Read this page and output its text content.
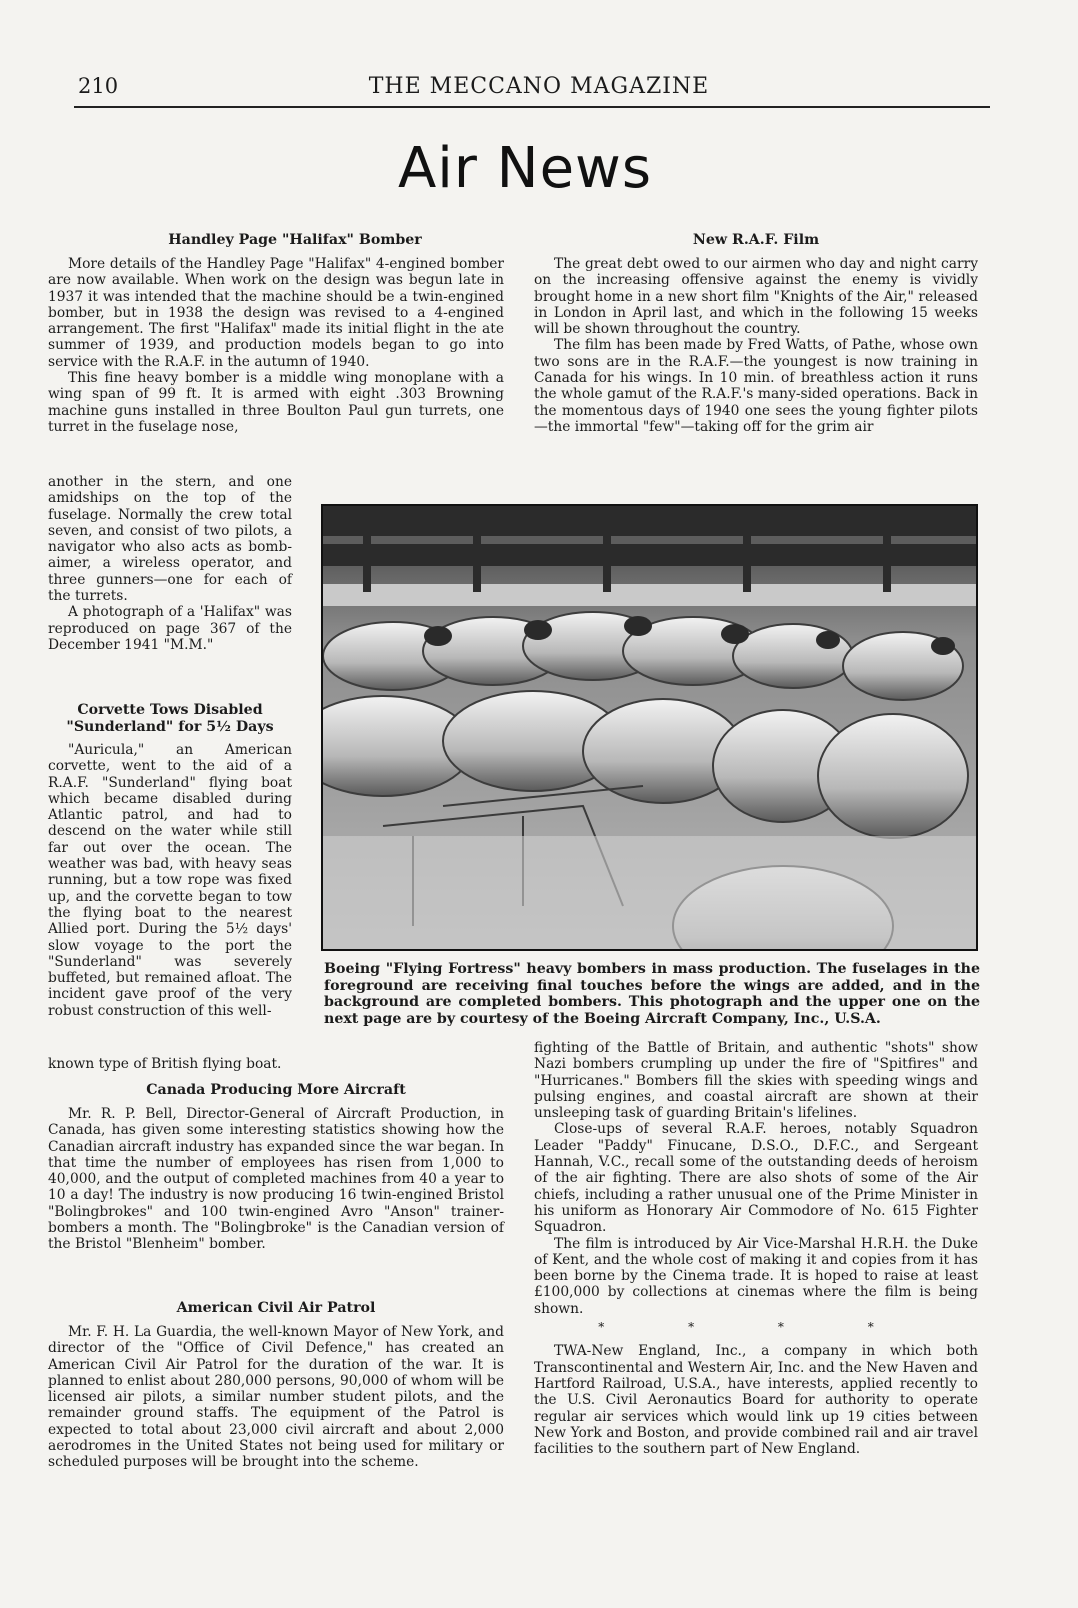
210	THE MECCANO MAGAZINE
Air News
Handley Page "Halifax" Bomber

More details of the Handley Page "Halifax" 4-engined bomber are now available. When work on the design was begun late in 1937 it was intended that the machine should be a twin-engined bomber, but in 1938 the design was revised to a 4-engined arrangement. The first "Halifax" made its initial flight in the ate summer of 1939, and production models began to go into service with the R.A.F. in the autumn of 1940.

This fine heavy bomber is a middle wing monoplane with a wing span of 99 ft. It is armed with eight .303 Browning machine guns installed in three Boulton Paul gun turrets, one turret in the fuselage nose,

another in the stern, and one amidships on the top of the fuselage. Normally the crew total seven, and consist of two pilots, a navigator who also acts as bomb-aimer, a wireless operator, and three gunners—one for each of the turrets.

A photograph of a 'Halifax" was reproduced on page 367 of the December 1941 "M.M."

Corvette Tows Disabled
"Sunderland" for 5½ Days

"Auricula," an American corvette, went to the aid of a R.A.F. "Sunderland" flying boat which became disabled during Atlantic patrol, and had to descend on the water while still far out over the ocean. The weather was bad, with heavy seas running, but a tow rope was fixed up, and the corvette began to tow the flying boat to the nearest Allied port. During the 5½ days' slow voyage to the port the "Sunderland" was severely buffeted, but remained afloat. The incident gave proof of the very robust construction of this well-

known type of British flying boat.

Canada Producing More Aircraft

Mr. R. P. Bell, Director-General of Aircraft Production, in Canada, has given some interesting statistics showing how the Canadian aircraft industry has expanded since the war began. In that time the number of employees has risen from 1,000 to 40,000, and the output of completed machines from 40 a year to 10 a day! The industry is now producing 16 twin-engined Bristol "Bolingbrokes" and 100 twin-engined Avro "Anson" trainer-bombers a month. The "Bolingbroke" is the Canadian version of the Bristol "Blenheim" bomber.

American Civil Air Patrol

Mr. F. H. La Guardia, the well-known Mayor of New York, and director of the "Office of Civil Defence," has created an American Civil Air Patrol for the duration of the war. It is planned to enlist about 280,000 persons, 90,000 of whom will be licensed air pilots, a similar number student pilots, and the remainder ground staffs. The equipment of the Patrol is expected to total about 23,000 civil aircraft and about 2,000 aerodromes in the United States not being used for military or scheduled purposes will be brought into the scheme.

New R.A.F. Film

The great debt owed to our airmen who day and night carry on the increasing offensive against the enemy is vividly brought home in a new short film "Knights of the Air," released in London in April last, and which in the following 15 weeks will be shown throughout the country.

The film has been made by Fred Watts, of Pathe, whose own two sons are in the R.A.F.—the youngest is now training in Canada for his wings. In 10 min. of breathless action it runs the whole gamut of the R.A.F.'s many-sided operations. Back in the momentous days of 1940 one sees the young fighter pilots—the immortal "few"—taking off for the grim air

Boeing "Flying Fortress" heavy bombers in mass production. The fuselages in the foreground are receiving final touches before the wings are added, and in the background are completed bombers. This photograph and the upper one on the next page are by courtesy of the Boeing Aircraft Company, Inc., U.S.A.

fighting of the Battle of Britain, and authentic "shots" show Nazi bombers crumpling up under the fire of "Spitfires" and "Hurricanes." Bombers fill the skies with speeding wings and pulsing engines, and coastal aircraft are shown at their unsleeping task of guarding Britain's lifelines.

Close-ups of several R.A.F. heroes, notably Squadron Leader "Paddy" Finucane, D.S.O., D.F.C., and Sergeant Hannah, V.C., recall some of the outstanding deeds of heroism of the air fighting. There are also shots of some of the Air chiefs, including a rather unusual one of the Prime Minister in his uniform as Honorary Air Commodore of No. 615 Fighter Squadron.

The film is introduced by Air Vice-Marshal H.R.H. the Duke of Kent, and the whole cost of making it and copies from it has been borne by the Cinema trade. It is hoped to raise at least £100,000 by collections at cinemas where the film is being shown.

* * * *

TWA-New England, Inc., a company in which both Transcontinental and Western Air, Inc. and the New Haven and Hartford Railroad, U.S.A., have interests, applied recently to the U.S. Civil Aeronautics Board for authority to operate regular air services which would link up 19 cities between New York and Boston, and provide combined rail and air travel facilities to the southern part of New England.
